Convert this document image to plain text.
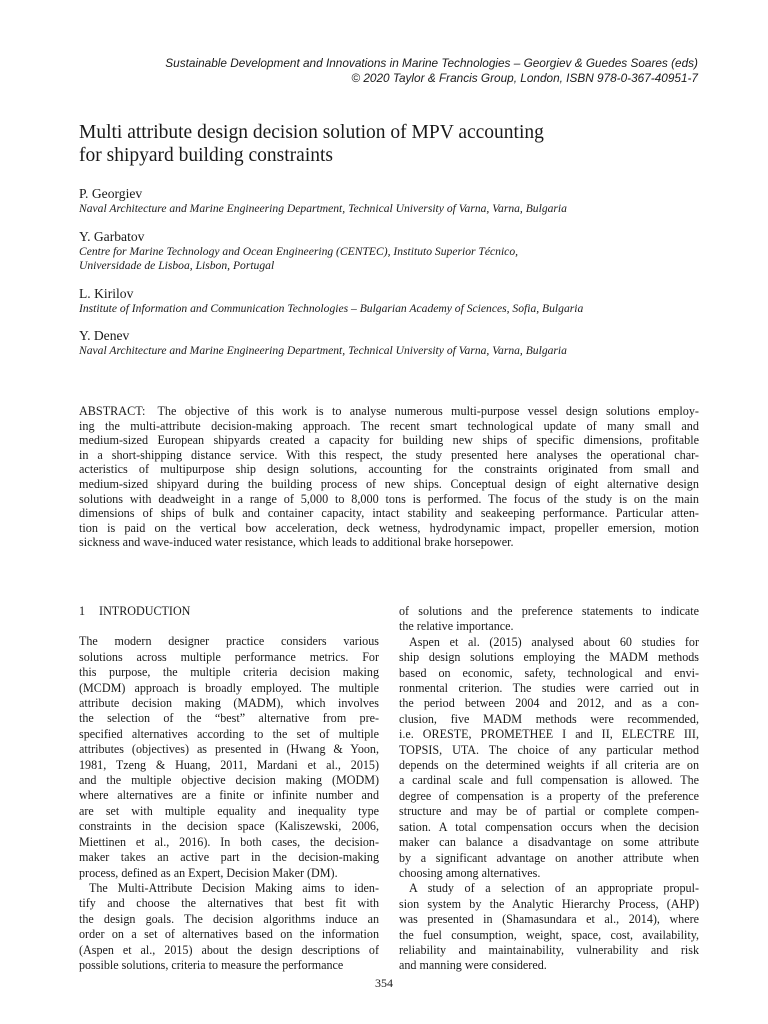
Sustainable Development and Innovations in Marine Technologies – Georgiev & Guedes Soares (eds)
© 2020 Taylor & Francis Group, London, ISBN 978-0-367-40951-7
Multi attribute design decision solution of MPV accounting
for shipyard building constraints
P. Georgiev
Naval Architecture and Marine Engineering Department, Technical University of Varna, Varna, Bulgaria
Y. Garbatov
Centre for Marine Technology and Ocean Engineering (CENTEC), Instituto Superior Técnico,
Universidade de Lisboa, Lisbon, Portugal
L. Kirilov
Institute of Information and Communication Technologies – Bulgarian Academy of Sciences, Sofia, Bulgaria
Y. Denev
Naval Architecture and Marine Engineering Department, Technical University of Varna, Varna, Bulgaria
ABSTRACT: The objective of this work is to analyse numerous multi-purpose vessel design solutions employ-
ing the multi-attribute decision-making approach. The recent smart technological update of many small and
medium-sized European shipyards created a capacity for building new ships of specific dimensions, profitable
in a short-shipping distance service. With this respect, the study presented here analyses the operational char-
acteristics of multipurpose ship design solutions, accounting for the constraints originated from small and
medium-sized shipyard during the building process of new ships. Conceptual design of eight alternative design
solutions with deadweight in a range of 5,000 to 8,000 tons is performed. The focus of the study is on the main
dimensions of ships of bulk and container capacity, intact stability and seakeeping performance. Particular atten-
tion is paid on the vertical bow acceleration, deck wetness, hydrodynamic impact, propeller emersion, motion
sickness and wave-induced water resistance, which leads to additional brake horsepower.
1 INTRODUCTION
The modern designer practice considers various
solutions across multiple performance metrics. For
this purpose, the multiple criteria decision making
(MCDM) approach is broadly employed. The multiple
attribute decision making (MADM), which involves
the selection of the “best” alternative from pre-
specified alternatives according to the set of multiple
attributes (objectives) as presented in (Hwang & Yoon,
1981, Tzeng & Huang, 2011, Mardani et al., 2015)
and the multiple objective decision making (MODM)
where alternatives are a finite or infinite number and
are set with multiple equality and inequality type
constraints in the decision space (Kaliszewski, 2006,
Miettinen et al., 2016). In both cases, the decision-
maker takes an active part in the decision-making
process, defined as an Expert, Decision Maker (DM).
The Multi-Attribute Decision Making aims to iden-
tify and choose the alternatives that best fit with
the design goals. The decision algorithms induce an
order on a set of alternatives based on the information
(Aspen et al., 2015) about the design descriptions of
possible solutions, criteria to measure the performance
of solutions and the preference statements to indicate
the relative importance.
Aspen et al. (2015) analysed about 60 studies for
ship design solutions employing the MADM methods
based on economic, safety, technological and envi-
ronmental criterion. The studies were carried out in
the period between 2004 and 2012, and as a con-
clusion, five MADM methods were recommended,
i.e. ORESTE, PROMETHEE I and II, ELECTRE III,
TOPSIS, UTA. The choice of any particular method
depends on the determined weights if all criteria are on
a cardinal scale and full compensation is allowed. The
degree of compensation is a property of the preference
structure and may be of partial or complete compen-
sation. A total compensation occurs when the decision
maker can balance a disadvantage on some attribute
by a significant advantage on another attribute when
choosing among alternatives.
A study of a selection of an appropriate propul-
sion system by the Analytic Hierarchy Process, (AHP)
was presented in (Shamasundara et al., 2014), where
the fuel consumption, weight, space, cost, availability,
reliability and maintainability, vulnerability and risk
and manning were considered.
354
